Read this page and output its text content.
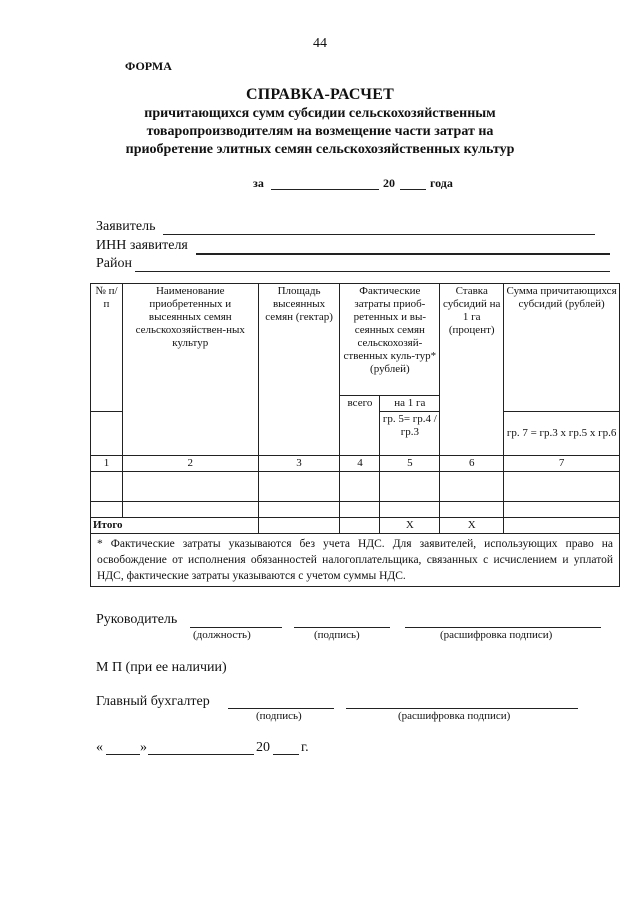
44
ФОРМА
СПРАВКА-РАСЧЕТ
причитающихся сумм субсидии сельскохозяйственным
товаропроизводителям на возмещение части затрат на
приобретение элитных семян сельскохозяйственных культур
за	20	года
Заявитель
ИНН заявителя
Район
№ п/п	Наименование приобретенных и высеянных семян сельскохозяйствен-ных культур	Площадь высеянных семян (гектар)	Фактические затраты приоб-ретенных и вы-сеянных семян сельскохозяй-ственных куль-тур* (рублей)		Ставка субсидий на 1 га (процент)	Сумма причитающихся субсидий (рублей)
			всего	на 1 га		
				гр. 5= гр.4 / гр.3		гр. 7 = гр.3 х гр.5 х гр.6
1	2	3	4	5	6	7

Итого				X	X	
* Фактические затраты указываются без учета НДС. Для заявителей, использующих право на освобождение от исполнения обязанностей налогоплательщика, связанных с исчислением и уплатой НДС, фактические затраты указываются с учетом суммы НДС.						
Руководитель
(должность)	(подпись)	(расшифровка подписи)
М П (при ее наличии)
Главный бухгалтер
(подпись)	(расшифровка подписи)
«	»	20 г.
